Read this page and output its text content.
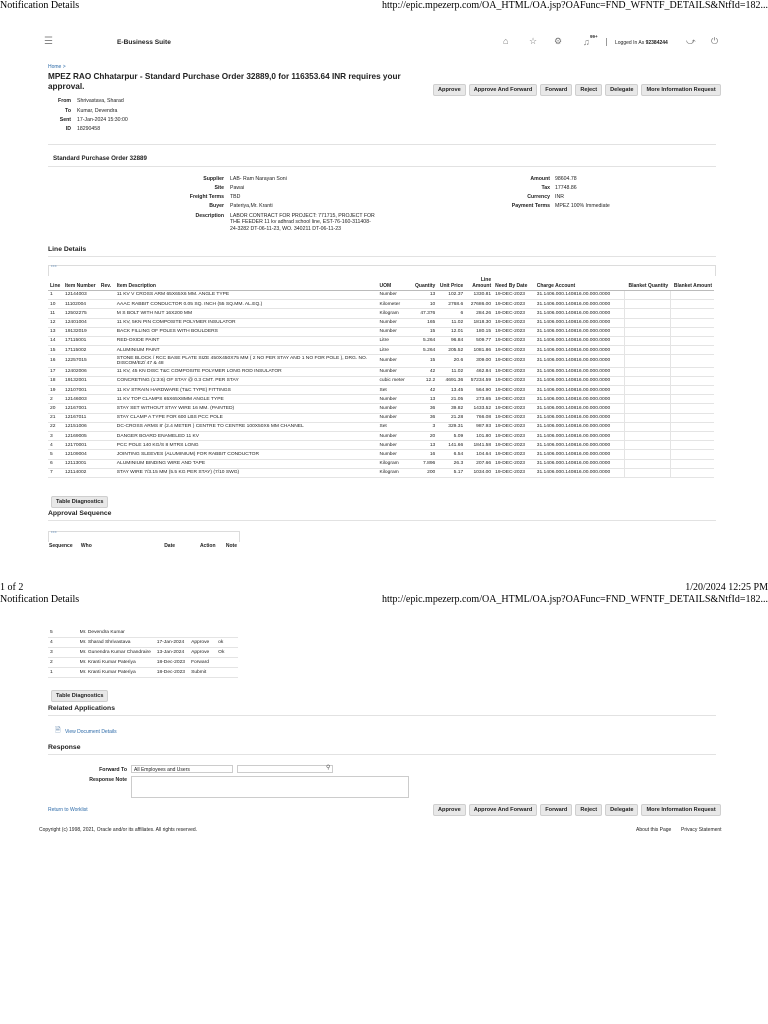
Notification Details	http://epic.mpezerp.com/OA_HTML/OA.jsp?OAFunc=FND_WFNTF_DETAILS&NtfId=182...
☰	E-Business Suite	⌂ ☆ ⚙ ♫
99+
Logged In As 92384244 ⤻ ⏻
Home >
MPEZ RAO Chhatarpur - Standard Purchase Order 32889,0 for 116353.64 INR requires your approval.	Approve	Approve And Forward	Forward	Reject	Delegate	More Information Request
From Shrivastava, Sharad
To Kumar, Devendra
Sent 17-Jan-2024 15:30:00
ID 18290458
Standard Purchase Order 32889
Supplier LAB- Ram Narayan Soni
Site Pawai
Freight Terms TBD
Buyer Pateriya,Mr. Kranti
Description LABOR CONTRACT FOR PROJECT: 771715, PROJECT FOR THE FEEDER 11 kv adhrad school line, EST-76-160-311408-24-3282 DT-06-11-23, WO. 340211 DT-06-11-23
Amount 98604.78
Tax 17748.86
Currency INR
Payment Terms MPEZ 100% Immediate
Line Details
···
Line	Item Number	Rev.	Item Description	UOM	Quantity	Unit Price	Line Amount	Need By Date	Charge Account	Blanket Quantity	Blanket Amount
1	12144003		11 KV V CROSS ARM 65X65X6 MM. ANGLE TYPE	Number	13	102.37	1330.81	19-DEC-2023	31.1406.000.140816.00.000.0000		
10	11102004		AAAC RABBIT CONDUCTOR 0.05 SQ. INCH (55 SQ.MM. AL.EQ.)	Kilometer	10	2768.6	27686.00	19-DEC-2023	31.1406.000.140816.00.000.0000		
11	12502275		M S BOLT WITH NUT 16X200 MM	Kilogram	47.376	6	284.26	19-DEC-2023	31.1406.000.140816.00.000.0000		
12	12401004		11 KV, 5KN PIN COMPOSITE POLYMER INSULATOR	Number	165	11.02	1818.30	19-DEC-2023	31.1406.000.140816.00.000.0000		
13	19132019		BACK FILLING OF POLES WITH BOULDERS	Number	15	12.01	180.15	19-DEC-2023	31.1406.000.140816.00.000.0000		
14	17115001		RED-OXIDE PAINT	Litre	5.264	96.84	509.77	19-DEC-2023	31.1406.000.140816.00.000.0000		
15	17115002		ALUMINIUM PAINT	Litre	5.264	205.52	1081.86	19-DEC-2023	31.1406.000.140816.00.000.0000		
16	12257015		STONE BLOCK / RCC BASE PLATE SIZE 450X450X75 MM ( 2 NO PER STAY AND 1 NO FOR POLE ), DRG. NO. DISCOM/EZ/ 47 & 48	Number	15	20.6	309.00	19-DEC-2023	31.1406.000.140816.00.000.0000		
17	12402006		11 KV, 45 KN DISC T&C COMPOSITE POLYMER LONG ROD INSULATOR	Number	42	11.02	462.84	19-DEC-2023	31.1406.000.140816.00.000.0000		
18	19132001		CONCRETING (1:3:6) OF STAY @ 0.3 CMT. PER STAY	cubic meter	12.2	4691.36	57234.59	19-DEC-2023	31.1406.000.140816.00.000.0000		
19	12107001		11 KV STRAIN HARDWARE (T&C TYPE) FITTINGS	Set	42	13.45	564.90	19-DEC-2023	31.1406.000.140816.00.000.0000		
2	12146003		11 KV TOP CLAMPS 65X65X8MM ANGLE TYPE	Number	13	21.05	273.65	19-DEC-2023	31.1406.000.140816.00.000.0000		
20	12167001		STAY SET WITHOUT STAY WIRE 16 MM. (PAINTED)	Number	36	39.82	1433.52	19-DEC-2023	31.1406.000.140816.00.000.0000		
21	12167011		STAY CLAMP A TYPE FOR 600 LBS PCC POLE	Number	36	21.28	766.08	19-DEC-2023	31.1406.000.140816.00.000.0000		
22	12151006		DC-CROSS ARMS 8' (2.4 METER ) CENTRE TO CENTRE 100X50X6 MM CHANNEL	Set	3	329.31	987.93	19-DEC-2023	31.1406.000.140816.00.000.0000		
3	12169005		DANGER BOARD ENAMELED 11 KV	Number	20	5.09	101.80	19-DEC-2023	31.1406.000.140816.00.000.0000		
4	12170001		PCC POLE 140 KG/S 8 MTRS LONG	Number	13	141.66	1841.58	19-DEC-2023	31.1406.000.140816.00.000.0000		
5	12109004		JOINTING SLEEVES (ALUMINIUM) FOR RABBIT CONDUCTOR	Number	16	6.54	104.64	19-DEC-2023	31.1406.000.140816.00.000.0000		
6	12113001		ALUMINIUM BINDING WIRE AND TAPE	Kilogram	7.896	26.3	207.66	19-DEC-2023	31.1406.000.140816.00.000.0000		
7	12114002		STAY WIRE 7/3.15 MM (5.5 KG PER STAY) (7/10 SWG)	Kilogram	200	5.17	1034.00	19-DEC-2023	31.1406.000.140816.00.000.0000		
Table Diagnostics
Approval Sequence
···
Sequence	Who	Date	Action	Note
1 of 2	1/20/2024 12:25 PM
Notification Details	http://epic.mpezerp.com/OA_HTML/OA.jsp?OAFunc=FND_WFNTF_DETAILS&NtfId=182...
5	Mr. Devendra Kumar			
4	Mr. Sharad Shrivastava	17-Jan-2024	Approve	ok
3	Mr. Gunendra Kumar Chandraire	13-Jan-2024	Approve	Ok
2	Mr. Kranti Kumar Pateriya	18-Dec-2023	Forward	
1	Mr. Kranti Kumar Pateriya	18-Dec-2023	Submit	
Table Diagnostics
Related Applications
🗎 View Document Details
Response
Forward To	All Employees and Users	⚲
Response Note
Return to Worklist	Approve	Approve And Forward	Forward	Reject	Delegate	More Information Request
Copyright (c) 1998, 2021, Oracle and/or its affiliates. All rights reserved.	About this Page Privacy Statement
